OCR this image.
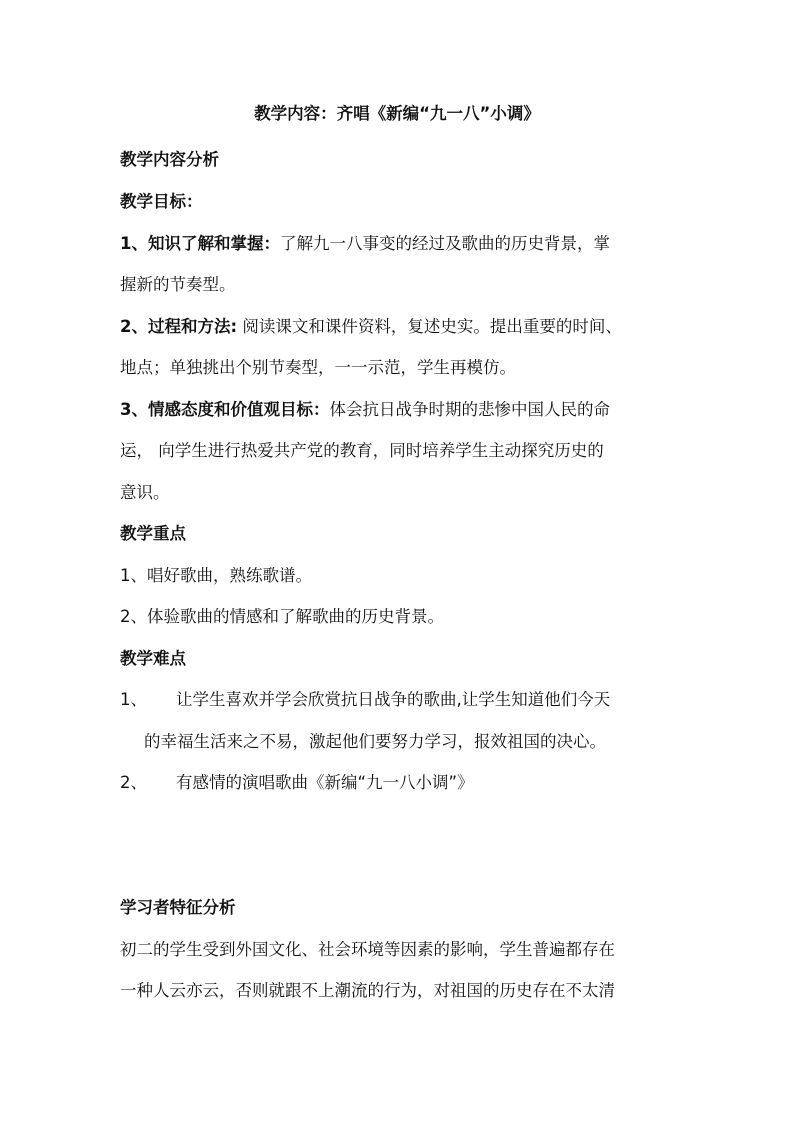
教学内容：齐唱《新编“九一八”小调》
教学内容分析
教学目标：
1、知识了解和掌握：了解九一八事变的经过及歌曲的历史背景，掌
握新的节奏型。
2、过程和方法: 阅读课文和课件资料，复述史实。提出重要的时间、
地点；单独挑出个别节奏型，一一示范，学生再模仿。
3、情感态度和价值观目标：体会抗日战争时期的悲惨中国人民的命
运， 向学生进行热爱共产党的教育，同时培养学生主动探究历史的
意识。
教学重点
1、唱好歌曲，熟练歌谱。
2、体验歌曲的情感和了解歌曲的历史背景。
教学难点
1、 让学生喜欢并学会欣赏抗日战争的歌曲,让学生知道他们今天
的幸福生活来之不易，激起他们要努力学习，报效祖国的决心。
2、 有感情的演唱歌曲《新编“九一八小调”》
学习者特征分析
初二的学生受到外国文化、社会环境等因素的影响，学生普遍都存在
一种人云亦云，否则就跟不上潮流的行为，对祖国的历史存在不太清
